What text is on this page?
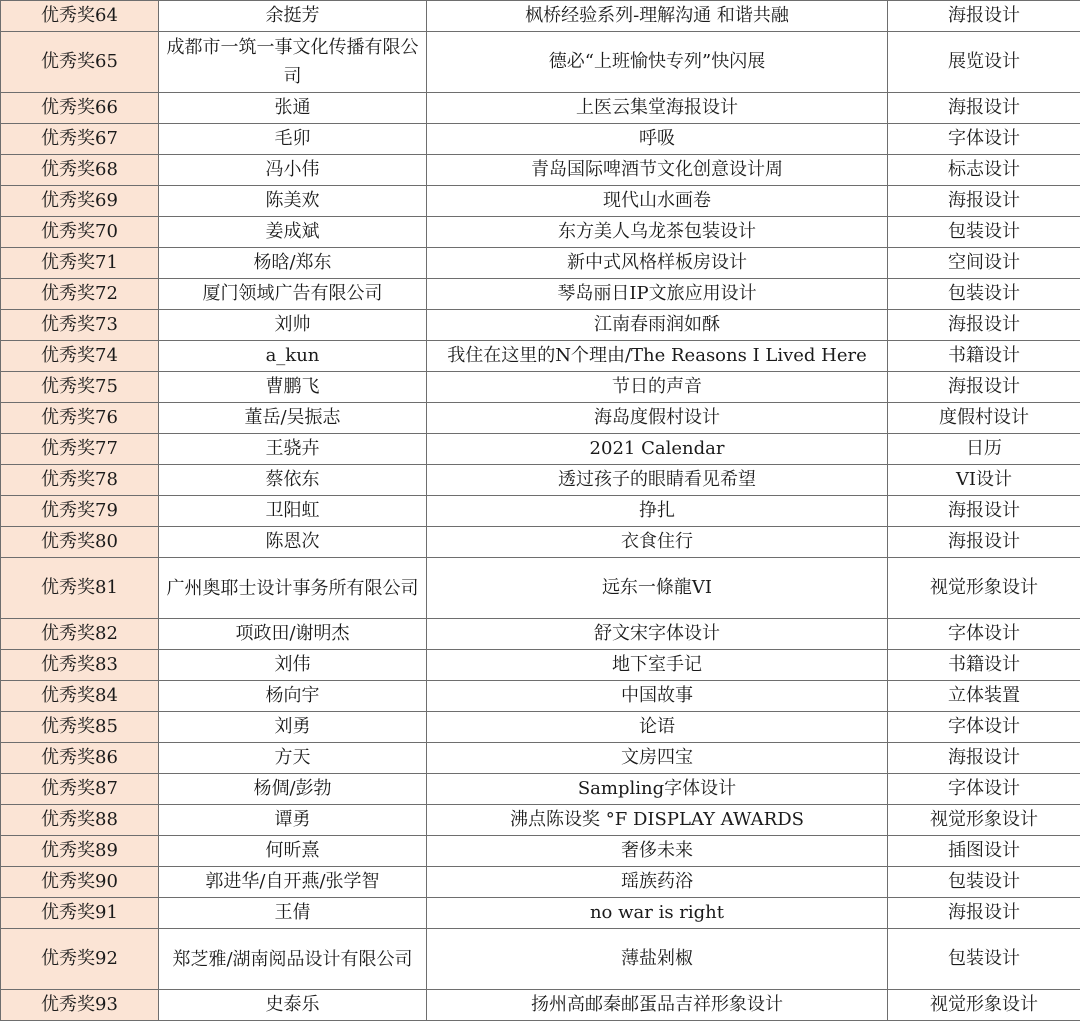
优秀奖64	余挺芳	枫桥经验系列-理解沟通 和谐共融	海报设计
优秀奖65	成都市一筑一事文化传播有限公司	德必“上班愉快专列”快闪展	展览设计
优秀奖66	张通	上医云集堂海报设计	海报设计
优秀奖67	毛卯	呼吸	字体设计
优秀奖68	冯小伟	青岛国际啤酒节文化创意设计周	标志设计
优秀奖69	陈美欢	现代山水画卷	海报设计
优秀奖70	姜成斌	东方美人乌龙茶包装设计	包装设计
优秀奖71	杨晗/郑东	新中式风格样板房设计	空间设计
优秀奖72	厦门领域广告有限公司	琴岛丽日IP文旅应用设计	包装设计
优秀奖73	刘帅	江南春雨润如酥	海报设计
优秀奖74	a_kun	我住在这里的N个理由/The Reasons I Lived Here	书籍设计
优秀奖75	曹鹏飞	节日的声音	海报设计
优秀奖76	董岳/吴振志	海岛度假村设计	度假村设计
优秀奖77	王骁卉	2021 Calendar	日历
优秀奖78	蔡依东	透过孩子的眼睛看见希望	VI设计
优秀奖79	卫阳虹	挣扎	海报设计
优秀奖80	陈恩次	衣食住行	海报设计
优秀奖81	广州奥耶士设计事务所有限公司	远东一條龍VI	视觉形象设计
优秀奖82	项政田/谢明杰	舒文宋字体设计	字体设计
优秀奖83	刘伟	地下室手记	书籍设计
优秀奖84	杨向宇	中国故事	立体装置
优秀奖85	刘勇	论语	字体设计
优秀奖86	方天	文房四宝	海报设计
优秀奖87	杨倜/彭勃	Sampling字体设计	字体设计
优秀奖88	谭勇	沸点陈设奖 °F DISPLAY AWARDS	视觉形象设计
优秀奖89	何昕熹	奢侈未来	插图设计
优秀奖90	郭进华/自开燕/张学智	瑶族药浴	包装设计
优秀奖91	王倩	no war is right	海报设计
优秀奖92	郑芝雅/湖南阅品设计有限公司	薄盐剁椒	包装设计
优秀奖93	史泰乐	扬州高邮秦邮蛋品吉祥形象设计	视觉形象设计
